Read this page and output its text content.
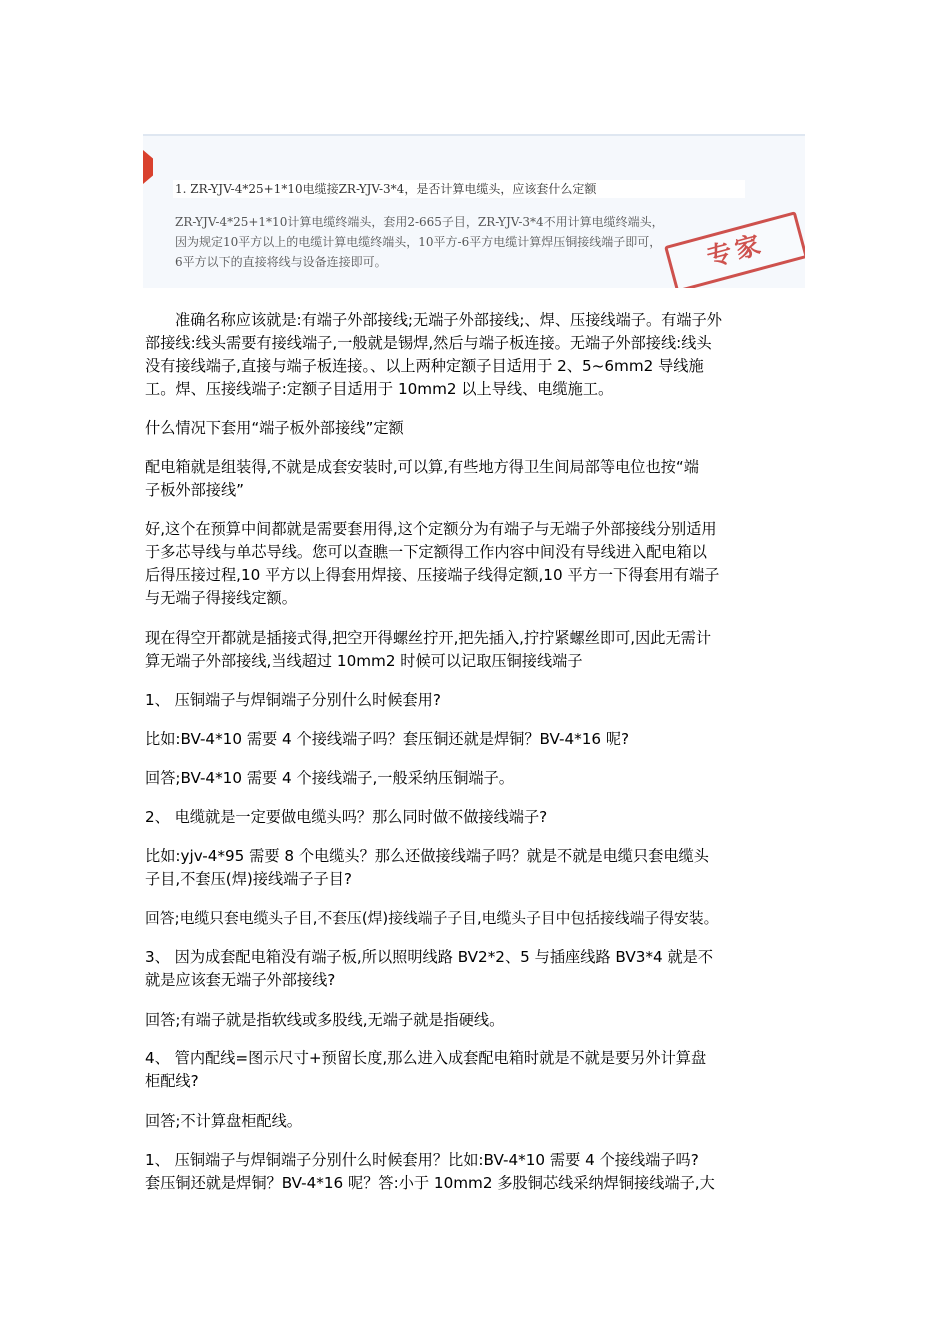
1. ZR-YJV-4*25+1*10电缆接ZR-YJV-3*4，是否计算电缆头，应该套什么定额
ZR-YJV-4*25+1*10计算电缆终端头，套用2-665子目，ZR-YJV-3*4不用计算电缆终端头，
因为规定10平方以上的电缆计算电缆终端头，10平方-6平方电缆计算焊压铜接线端子即可，
6平方以下的直接将线与设备连接即可。	专家

准确名称应该就是:有端子外部接线;无端子外部接线;、焊、压接线端子。有端子外
部接线:线头需要有接线端子,一般就是锡焊,然后与端子板连接。无端子外部接线:线头
没有接线端子,直接与端子板连接。、以上两种定额子目适用于 2、5~6mm2 导线施
工。焊、压接线端子:定额子目适用于 10mm2 以上导线、电缆施工。

什么情况下套用“端子板外部接线”定额

配电箱就是组装得,不就是成套安装时,可以算,有些地方得卫生间局部等电位也按“端
子板外部接线”

好,这个在预算中间都就是需要套用得,这个定额分为有端子与无端子外部接线分别适用
于多芯导线与单芯导线。您可以查瞧一下定额得工作内容中间没有导线进入配电箱以
后得压接过程,10 平方以上得套用焊接、压接端子线得定额,10 平方一下得套用有端子
与无端子得接线定额。

现在得空开都就是插接式得,把空开得螺丝拧开,把先插入,拧拧紧螺丝即可,因此无需计
算无端子外部接线,当线超过 10mm2 时候可以记取压铜接线端子

1、 压铜端子与焊铜端子分别什么时候套用?

比如:BV-4*10 需要 4 个接线端子吗？套压铜还就是焊铜？BV-4*16 呢?

回答;BV-4*10 需要 4 个接线端子,一般采纳压铜端子。

2、 电缆就是一定要做电缆头吗？那么同时做不做接线端子?

比如:yjv-4*95 需要 8 个电缆头？那么还做接线端子吗？就是不就是电缆只套电缆头
子目,不套压(焊)接线端子子目?

回答;电缆只套电缆头子目,不套压(焊)接线端子子目,电缆头子目中包括接线端子得安装。

3、 因为成套配电箱没有端子板,所以照明线路 BV2*2、5 与插座线路 BV3*4 就是不
就是应该套无端子外部接线?

回答;有端子就是指软线或多股线,无端子就是指硬线。

4、 管内配线=图示尺寸+预留长度,那么进入成套配电箱时就是不就是要另外计算盘
柜配线?

回答;不计算盘柜配线。

1、 压铜端子与焊铜端子分别什么时候套用？比如:BV-4*10 需要 4 个接线端子吗?
套压铜还就是焊铜？BV-4*16 呢？答:小于 10mm2 多股铜芯线采纳焊铜接线端子,大
